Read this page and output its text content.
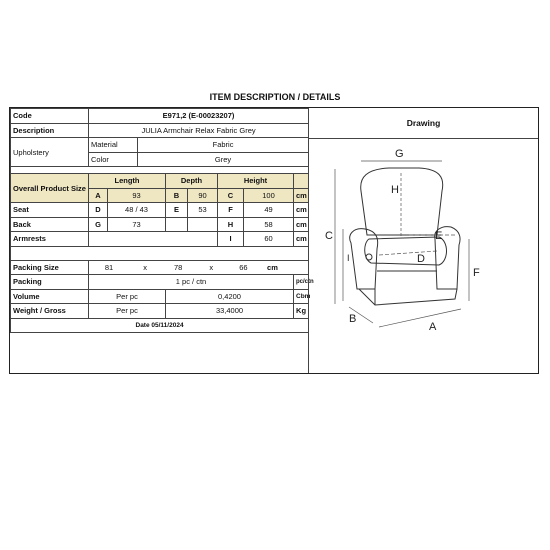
ITEM DESCRIPTION / DETAILS
Code	E971,2 (E-00023207)							
Description	JULIA Armchair Relax Fabric Grey							
Upholstery	Material		Fabric					
	Color		Grey					

Overall Product Size	Length			Depth		Height		
	A	93		B	90	C	100	cm
Seat	D	48 / 43		E	53	F	49	cm
Back	G	73				H	58	cm
Armrests						I	60	cm

Packing Size	81 x 78 x 66 cm							
Packing	1 pc / ctn							pc/ctn
Volume	Per pc			0,4200				Cbm
Weight / Gross	Per pc			33,4000				Kg
Date 05/11/2024								
Drawing
G
H
C
I
E
D
F
A
B
